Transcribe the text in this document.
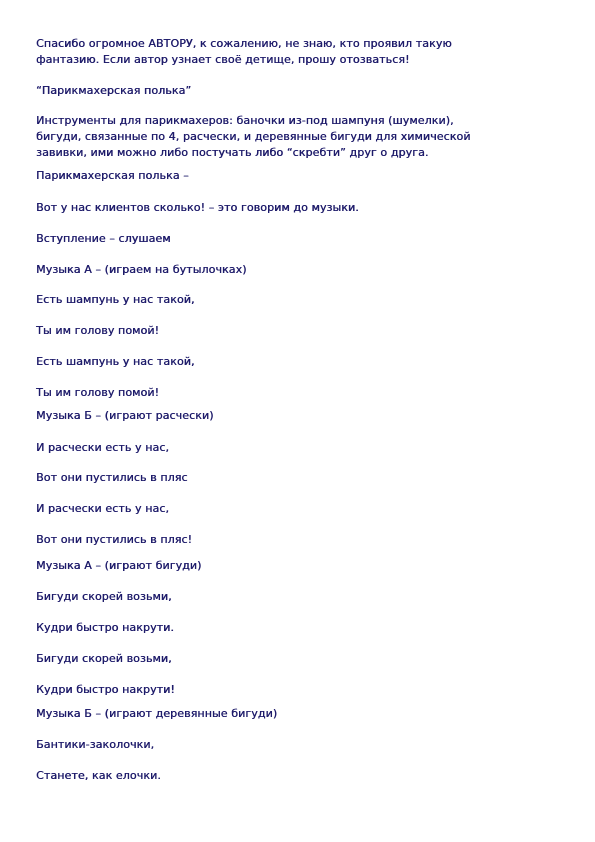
Спасибо огромное АВТОРУ, к сожалению, не знаю, кто проявил такую
фантазию. Если автор узнает своё детище, прошу отозваться!
“Парикмахерская полька”
Инструменты для парикмахеров: баночки из-под шампуня (шумелки),
бигуди, связанные по 4, расчески, и деревянные бигуди для химической
завивки, ими можно либо постучать либо “скребти” друг о друга.
Парикмахерская полька –
Вот у нас клиентов сколько! – это говорим до музыки.
Вступление – слушаем
Музыка А – (играем на бутылочках)
Есть шампунь у нас такой,
Ты им голову помой!
Есть шампунь у нас такой,
Ты им голову помой!
Музыка Б – (играют расчески)
И расчески есть у нас,
Вот они пустились в пляс
И расчески есть у нас,
Вот они пустились в пляс!
Музыка А – (играют бигуди)
Бигуди скорей возьми,
Кудри быстро накрути.
Бигуди скорей возьми,
Кудри быстро накрути!
Музыка Б – (играют деревянные бигуди)
Бантики-заколочки,
Станете, как елочки.
